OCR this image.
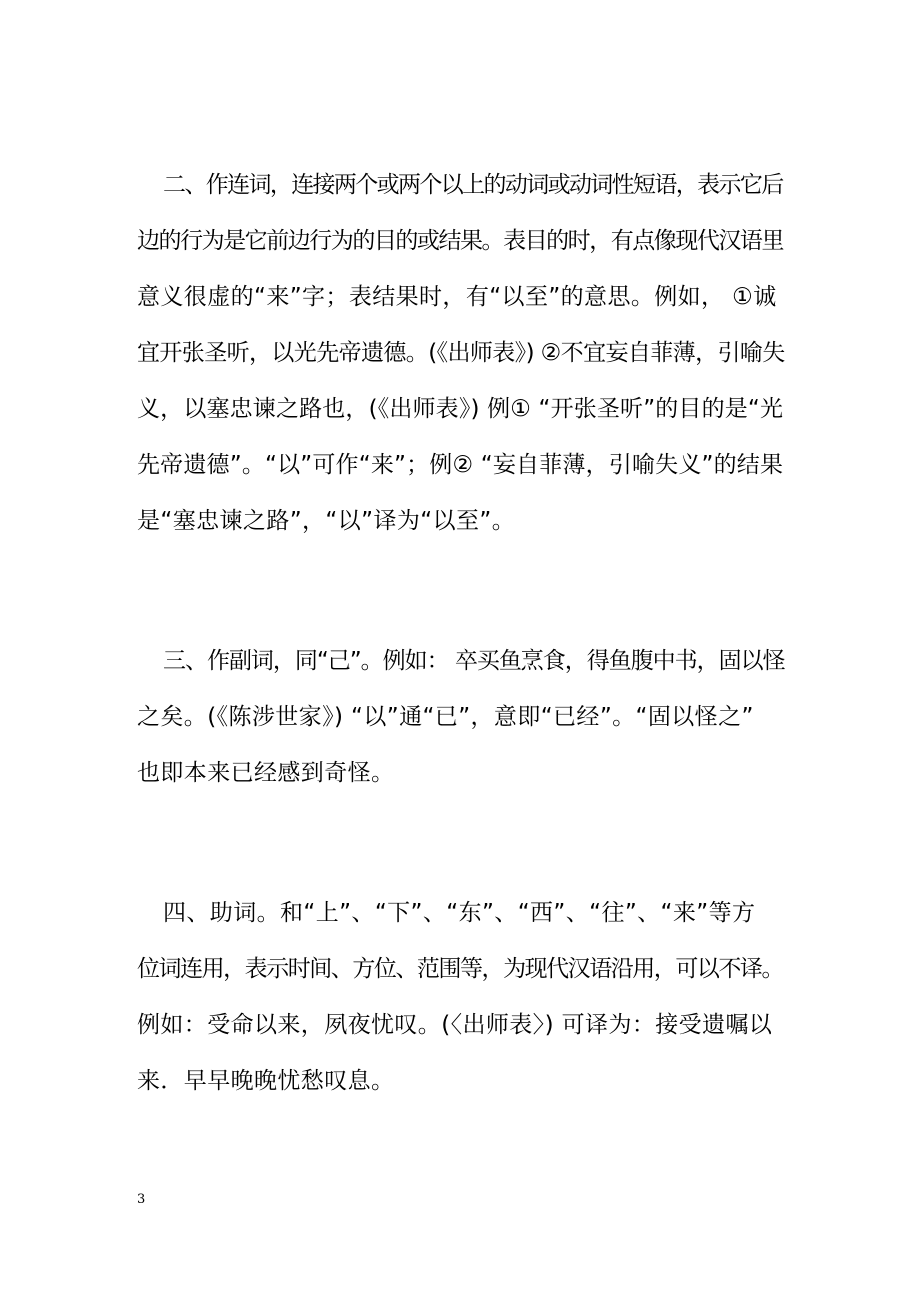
二、作连词，连接两个或两个以上的动词或动词性短语，表示它后
边的行为是它前边行为的目的或结果。表目的时，有点像现代汉语里
意义很虚的“来”字；表结果时，有“以至”的意思。例如， ①诚
宜开张圣听，以光先帝遗德。(《出师表》) ②不宜妄自菲薄，引喻失
义，以塞忠谏之路也，(《出师表》) 例① “开张圣听”的目的是“光
先帝遗德”。“以”可作“来”；例② “妄自菲薄，引喻失义”的结果
是“塞忠谏之路”，“以”译为“以至”。
三、作副词，同“己”。例如： 卒买鱼烹食，得鱼腹中书，固以怪
之矣。(《陈涉世家》) “以”通“已”，意即“已经”。“固以怪之”
也即本来已经感到奇怪。
四、助词。和“上”、“下”、“东”、“西”、“往”、“来”等方
位词连用，表示时间、方位、范围等，为现代汉语沿用，可以不译。
例如：受命以来，夙夜忧叹。(〈出师表〉) 可译为：接受遗嘱以
来．早早晚晚忧愁叹息。
3
